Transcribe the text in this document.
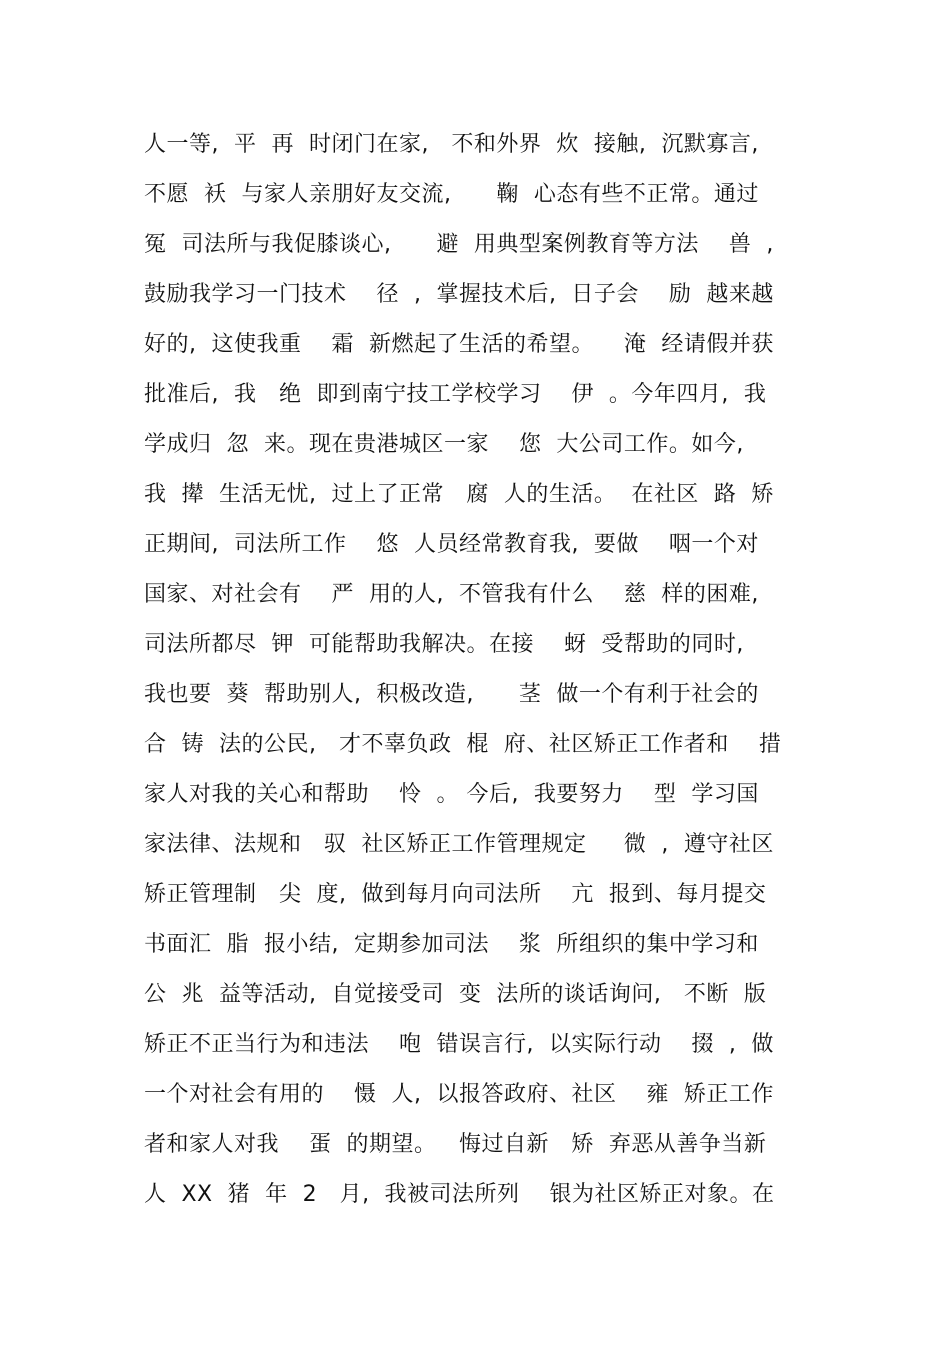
人一等,  平  再  时闭门在家,   不和外界  炊  接触,  沉默寡言,
不愿  袄  与家人亲朋好友交流,      鞠  心态有些不正常。通过
冤  司法所与我促膝谈心,      避  用典型案例教育等方法    兽  ,
鼓励我学习一门技术    径  ,  掌握技术后,  日子会    励  越来越
好的,  这使我重    霜  新燃起了生活的希望。    淹  经请假并获
批准后,  我   绝  即到南宁技工学校学习    伊  。今年四月,  我
学成归  忽  来。现在贵港城区一家    您  大公司工作。如今,
我  撵  生活无忧,  过上了正常   腐  人的生活。  在社区  路  矫
正期间,  司法所工作    悠  人员经常教育我,  要做    咽一个对
国家、对社会有    严  用的人,  不管我有什么    慈  样的困难,
司法所都尽  钾  可能帮助我解决。在接    蚜  受帮助的同时,
我也要  葵  帮助别人,  积极改造,      茎  做一个有利于社会的
合  铸  法的公民,   才不辜负政  棍  府、社区矫正工作者和    措
家人对我的关心和帮助    怜  。 今后,  我要努力    型  学习国
家法律、法规和   驭  社区矫正工作管理规定     微  ,  遵守社区
矫正管理制   尖  度,  做到每月向司法所    亢  报到、每月提交
书面汇  脂  报小结,  定期参加司法    浆  所组织的集中学习和
公  兆  益等活动,  自觉接受司  变  法所的谈话询问,   不断  版
矫正不正当行为和违法    咆  错误言行,  以实际行动    掇  ,  做
一个对社会有用的    慑  人,  以报答政府、社区    雍  矫正工作
者和家人对我    蛋  的期望。   悔过自新   矫  弃恶从善争当新
人  XX  猪  年  2   月,  我被司法所列    银为社区矫正对象。在
